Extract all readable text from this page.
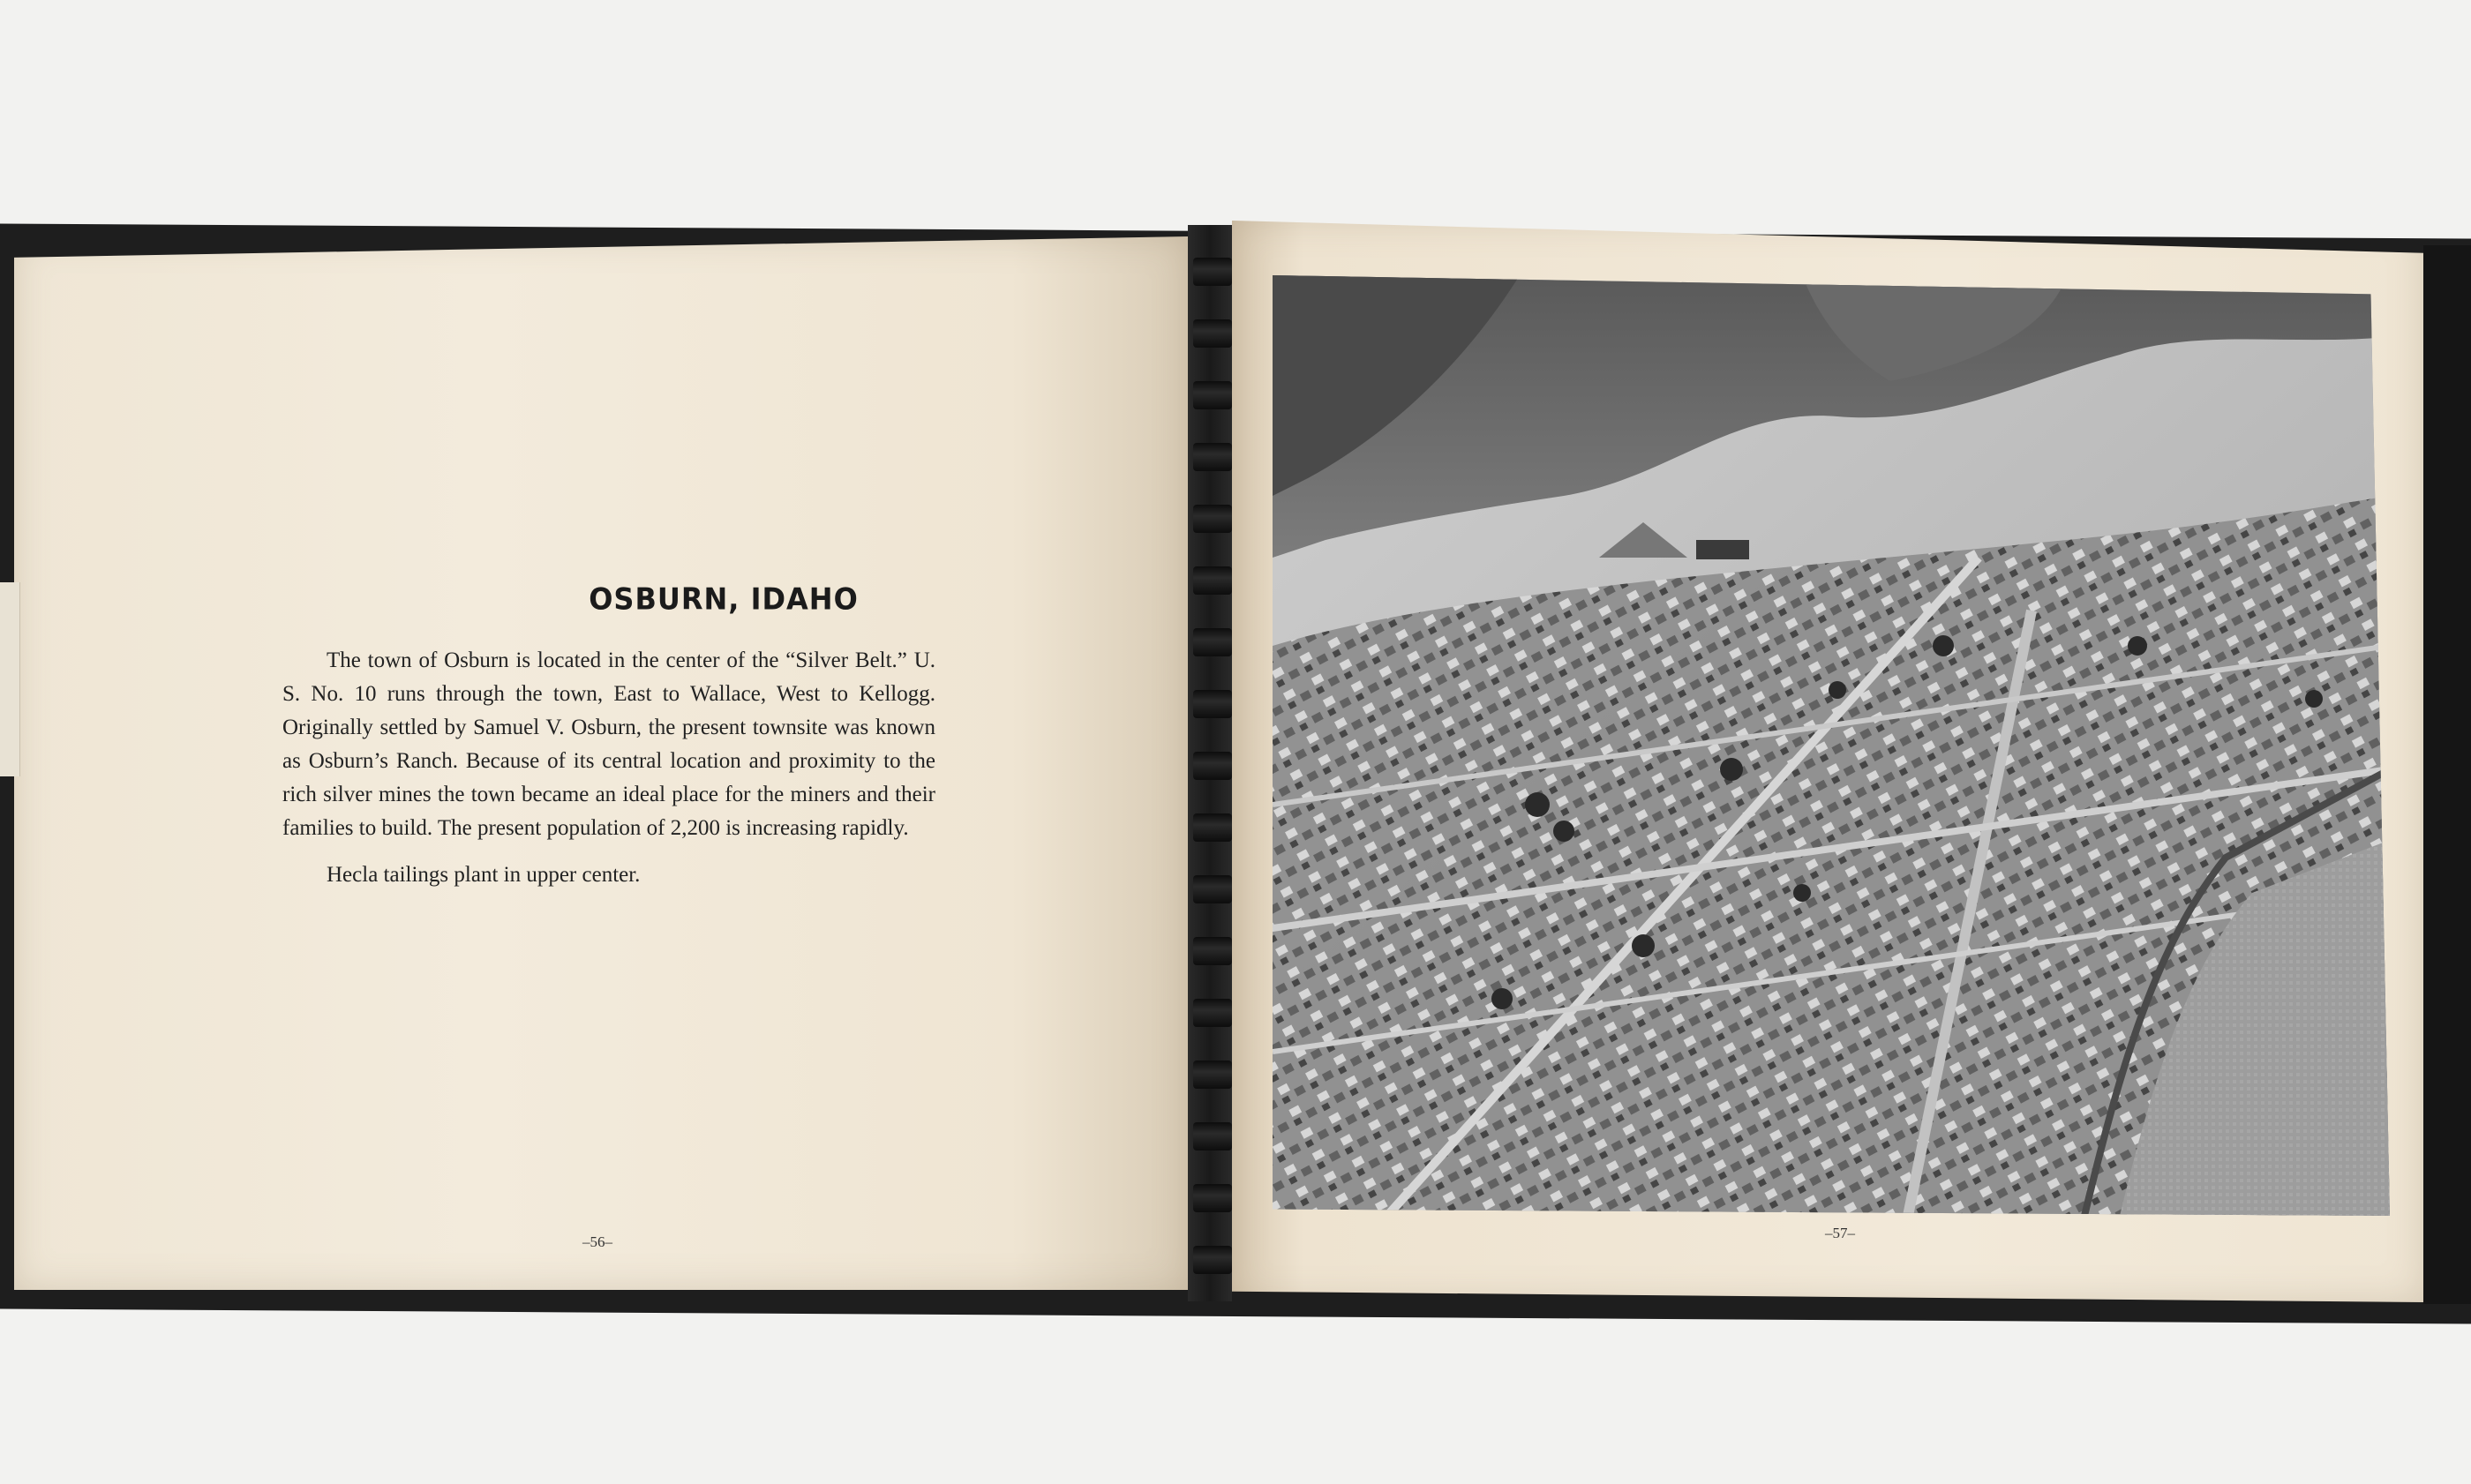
OSBURN, IDAHO

The town of Osburn is located in the center of the “Silver Belt.” U. S. No. 10 runs through the town, East to Wallace, West to Kellogg. Originally settled by Samuel V. Osburn, the present townsite was known as Osburn’s Ranch. Because of its central location and proximity to the rich silver mines the town became an ideal place for the miners and their families to build. The present population of 2,200 is increasing rapidly.

Hecla tailings plant in upper center.

–56–

–57–
